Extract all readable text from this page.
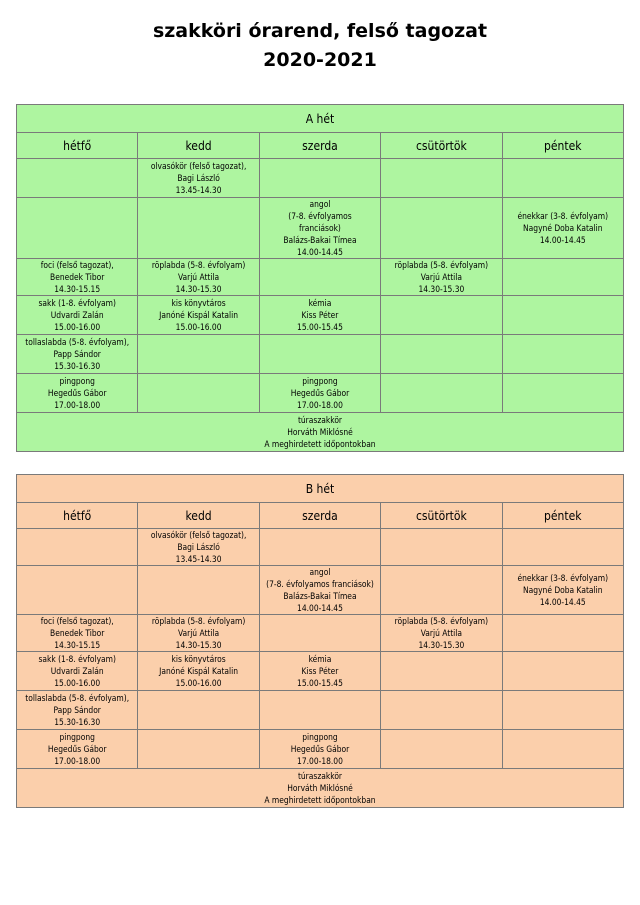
szakköri órarend, felső tagozat
2020-2021
A hét				
hétfő	kedd	szerda	csütörtök	péntek

	olvasókör (felső tagozat),
Bagi László
13.45-14.30			

		angol
(7-8. évfolyamos
franciások)
Balázs-Bakai Tímea
14.00-14.45		énekkar (3-8. évfolyam)
Nagyné Doba Katalin
14.00-14.45

foci (felső tagozat),
Benedek Tibor
14.30-15.15	röplabda (5-8. évfolyam)
Varjú Attila
14.30-15.30		röplabda (5-8. évfolyam)
Varjú Attila
14.30-15.30	

sakk (1-8. évfolyam)
Udvardi Zalán
15.00-16.00	kis könyvtáros
Janóné Kispál Katalin
15.00-16.00	kémia
Kiss Péter
15.00-15.45		

tollaslabda (5-8. évfolyam),
Papp Sándor
15.30-16.30				

pingpong
Hegedűs Gábor
17.00-18.00		pingpong
Hegedűs Gábor
17.00-18.00		

túraszakkör
Horváth Miklósné
A meghirdetett időpontokban				
B hét				
hétfő	kedd	szerda	csütörtök	péntek

	olvasókör (felső tagozat),
Bagi László
13.45-14.30			

		angol
(7-8. évfolyamos franciások)
Balázs-Bakai Tímea
14.00-14.45		énekkar (3-8. évfolyam)
Nagyné Doba Katalin
14.00-14.45

foci (felső tagozat),
Benedek Tibor
14.30-15.15	röplabda (5-8. évfolyam)
Varjú Attila
14.30-15.30		röplabda (5-8. évfolyam)
Varjú Attila
14.30-15.30	

sakk (1-8. évfolyam)
Udvardi Zalán
15.00-16.00	kis könyvtáros
Janóné Kispál Katalin
15.00-16.00	kémia
Kiss Péter
15.00-15.45		

tollaslabda (5-8. évfolyam),
Papp Sándor
15.30-16.30				

pingpong
Hegedűs Gábor
17.00-18.00		pingpong
Hegedűs Gábor
17.00-18.00		

túraszakkör
Horváth Miklósné
A meghirdetett időpontokban				
